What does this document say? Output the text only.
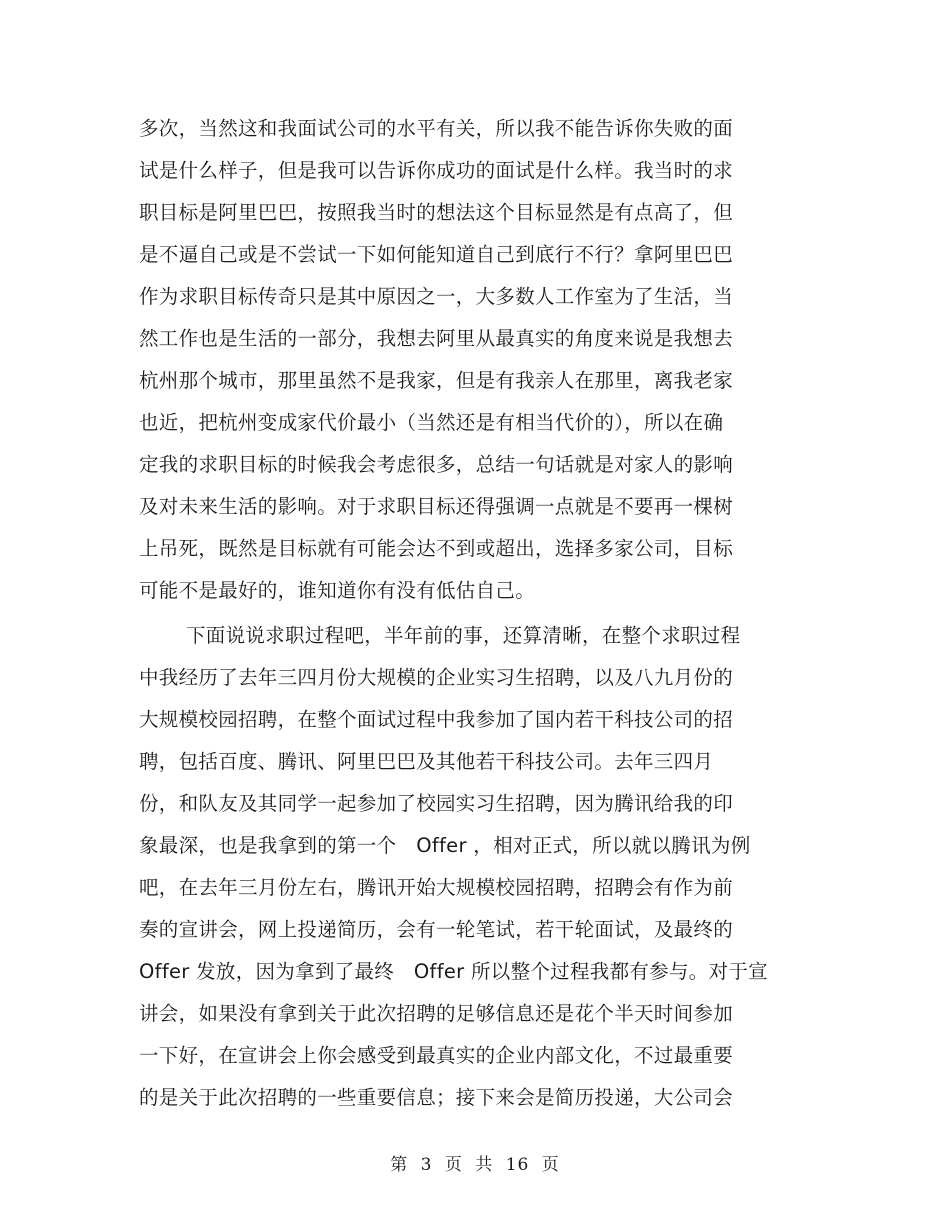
多次，当然这和我面试公司的水平有关，所以我不能告诉你失败的面
试是什么样子，但是我可以告诉你成功的面试是什么样。我当时的求
职目标是阿里巴巴，按照我当时的想法这个目标显然是有点高了，但
是不逼自己或是不尝试一下如何能知道自己到底行不行？拿阿里巴巴
作为求职目标传奇只是其中原因之一，大多数人工作室为了生活，当
然工作也是生活的一部分，我想去阿里从最真实的角度来说是我想去
杭州那个城市，那里虽然不是我家，但是有我亲人在那里，离我老家
也近，把杭州变成家代价最小（当然还是有相当代价的），所以在确
定我的求职目标的时候我会考虑很多，总结一句话就是对家人的影响
及对未来生活的影响。对于求职目标还得强调一点就是不要再一棵树
上吊死，既然是目标就有可能会达不到或超出，选择多家公司，目标
可能不是最好的，谁知道你有没有低估自己。
下面说说求职过程吧，半年前的事，还算清晰，在整个求职过程
中我经历了去年三四月份大规模的企业实习生招聘，以及八九月份的
大规模校园招聘，在整个面试过程中我参加了国内若干科技公司的招
聘，包括百度、腾讯、阿里巴巴及其他若干科技公司。去年三四月
份，和队友及其同学一起参加了校园实习生招聘，因为腾讯给我的印
象最深，也是我拿到的第一个　Offer ，相对正式，所以就以腾讯为例
吧，在去年三月份左右，腾讯开始大规模校园招聘，招聘会有作为前
奏的宣讲会，网上投递简历，会有一轮笔试，若干轮面试，及最终的
Offer 发放，因为拿到了最终　Offer 所以整个过程我都有参与。对于宣
讲会，如果没有拿到关于此次招聘的足够信息还是花个半天时间参加
一下好，在宣讲会上你会感受到最真实的企业内部文化，不过最重要
的是关于此次招聘的一些重要信息；接下来会是简历投递，大公司会
第 3 页 共 16 页
